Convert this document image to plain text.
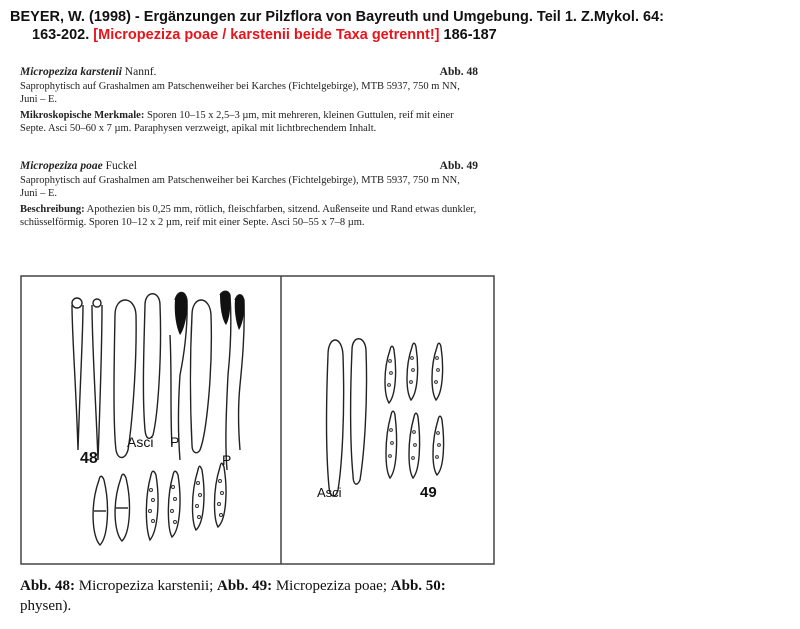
BEYER, W. (1998) - Ergänzungen zur Pilzflora von Bayreuth und Umgebung. Teil 1. Z.Mykol. 64:
163-202. [Micropeziza poae / karstenii beide Taxa getrennt!] 186-187
Micropeziza karstenii Nannf.	Abb. 48

Saprophytisch auf Grashalmen am Patschenweiher bei Karches (Fichtelgebirge), MTB 5937, 750 m NN, Juni – E.

Mikroskopische Merkmale: Sporen 10–15 x 2,5–3 µm, mit mehreren, kleinen Guttulen, reif mit einer Septe. Asci 50–60 x 7 µm. Paraphysen verzweigt, apikal mit lichtbrechendem Inhalt.

Micropeziza poae Fuckel	Abb. 49

Saprophytisch auf Grashalmen am Patschenweiher bei Karches (Fichtelgebirge), MTB 5937, 750 m NN, Juni – E.

Beschreibung: Apothezien bis 0,25 mm, rötlich, fleischfarben, sitzend. Außenseite und Rand etwas dunkler, schüsselförmig. Sporen 10–12 x 2 µm, reif mit einer Septe. Asci 50–55 x 7–8 µm.

Asci P
P
48
Asci	49
Abb. 48: Micropeziza karstenii; Abb. 49: Micropeziza poae; Abb. 50:
physen).
